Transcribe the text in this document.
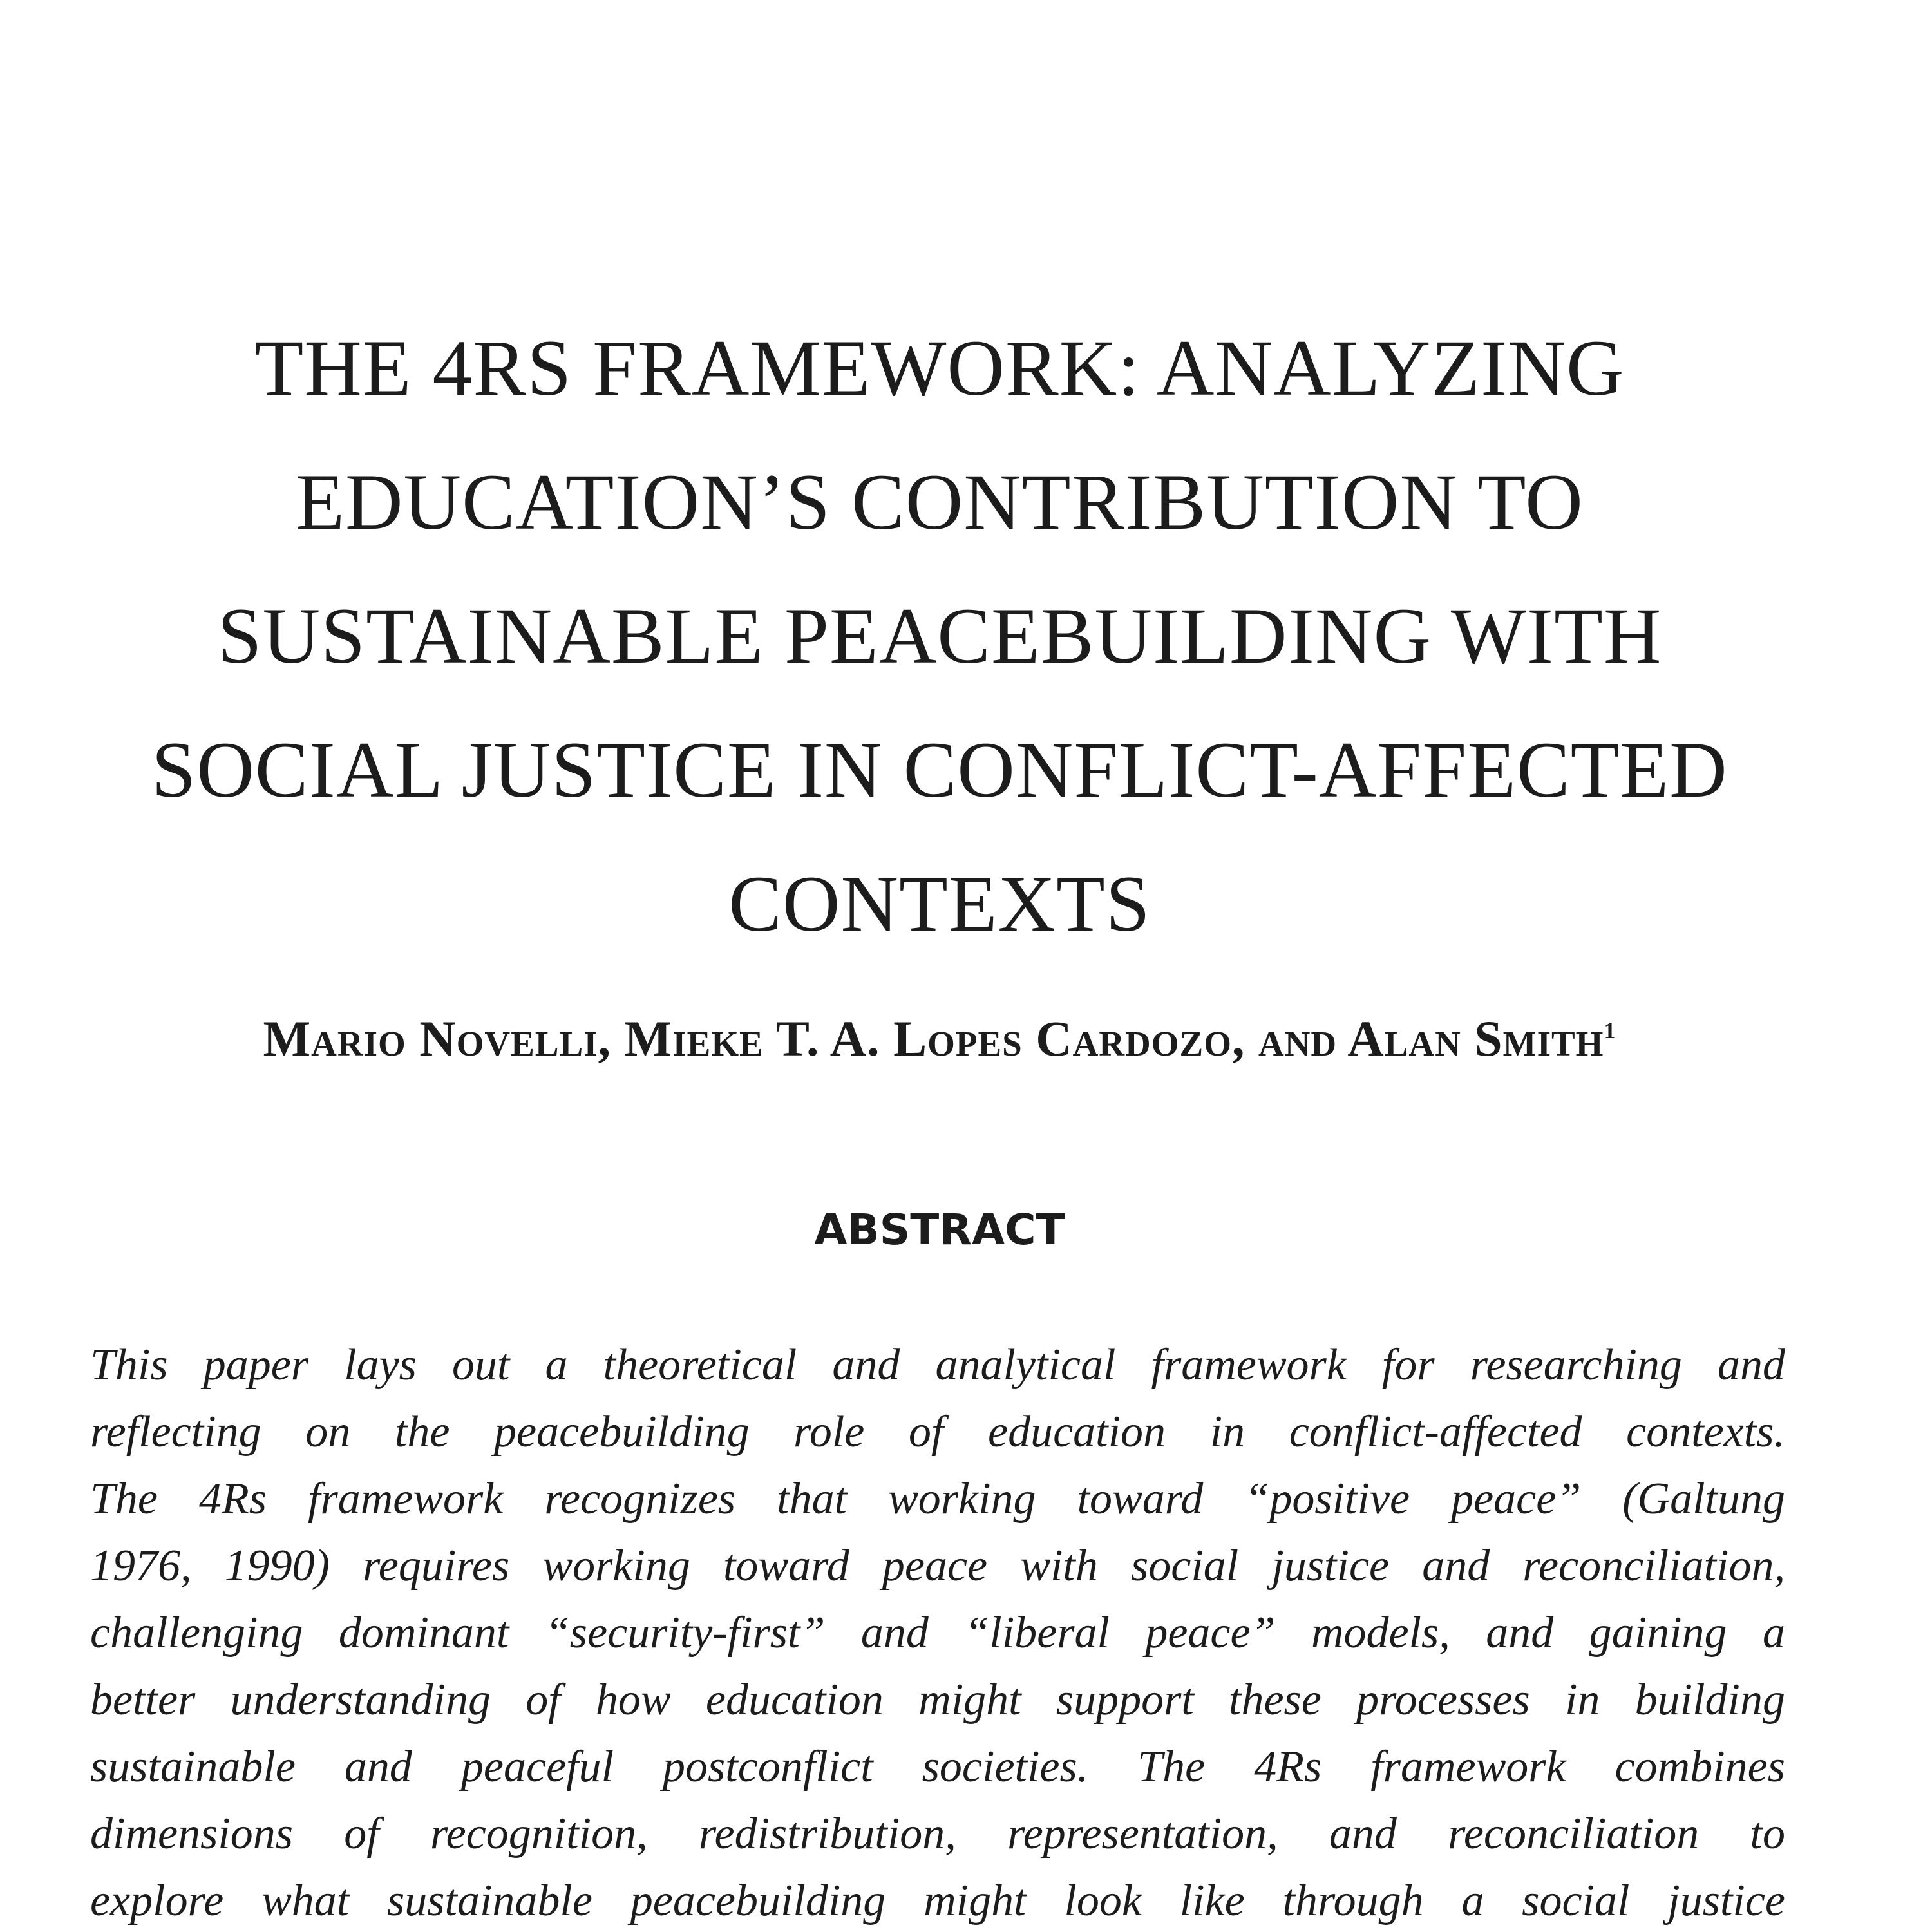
THE 4RS FRAMEWORK: ANALYZING
EDUCATION’S CONTRIBUTION TO
SUSTAINABLE PEACEBUILDING WITH
SOCIAL JUSTICE IN CONFLICT-AFFECTED
CONTEXTS
Mario Novelli, Mieke T. A. Lopes Cardozo, and Alan Smith$^1$
ABSTRACT
This paper lays out a theoretical and analytical framework for researching and
reflecting on the peacebuilding role of education in conflict-affected contexts.
The 4Rs framework recognizes that working toward “positive peace” (Galtung
1976, 1990) requires working toward peace with social justice and reconciliation,
challenging dominant “security-first” and “liberal peace” models, and gaining a
better understanding of how education might support these processes in building
sustainable and peaceful postconflict societies. The 4Rs framework combines
dimensions of recognition, redistribution, representation, and reconciliation to
explore what sustainable peacebuilding might look like through a social justice
